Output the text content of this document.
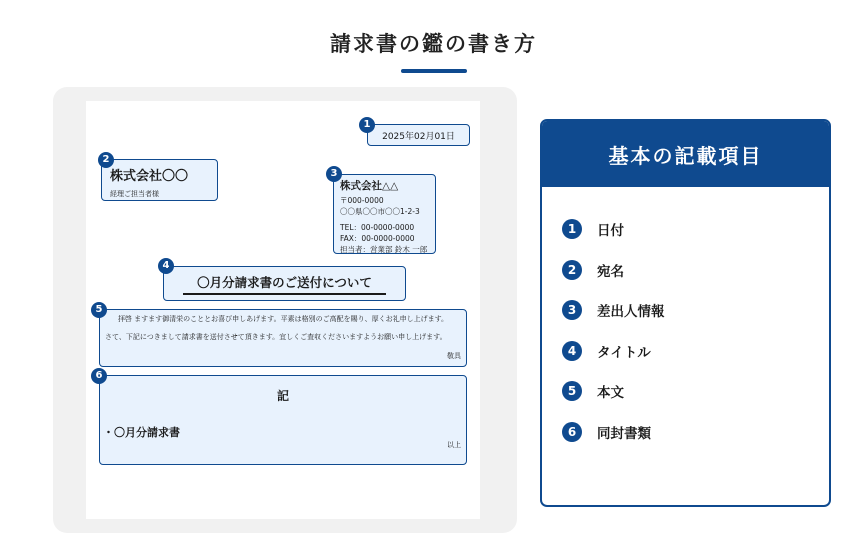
請求書の鑑の書き方
2025年02月01日
1
株式会社〇〇
経理ご担当者様
2
株式会社△△
〒000-0000
〇〇県〇〇市〇〇1-2-3
TEL：00-0000-0000
FAX：00-0000-0000
担当者：営業部 鈴木 一郎
3
〇月分請求書のご送付について
4
拝啓 ますます御清栄のこととお喜び申しあげます。平素は格別のご高配を賜り、厚くお礼申し上げます。
さて、下記につきまして請求書を送付させて頂きます。宜しくご査収くださいますようお願い申し上げます。
敬具
5
記
・〇月分請求書
以上
6
基本の記載項目
1	日付
2	宛名
3	差出人情報
4	タイトル
5	本文
6	同封書類
